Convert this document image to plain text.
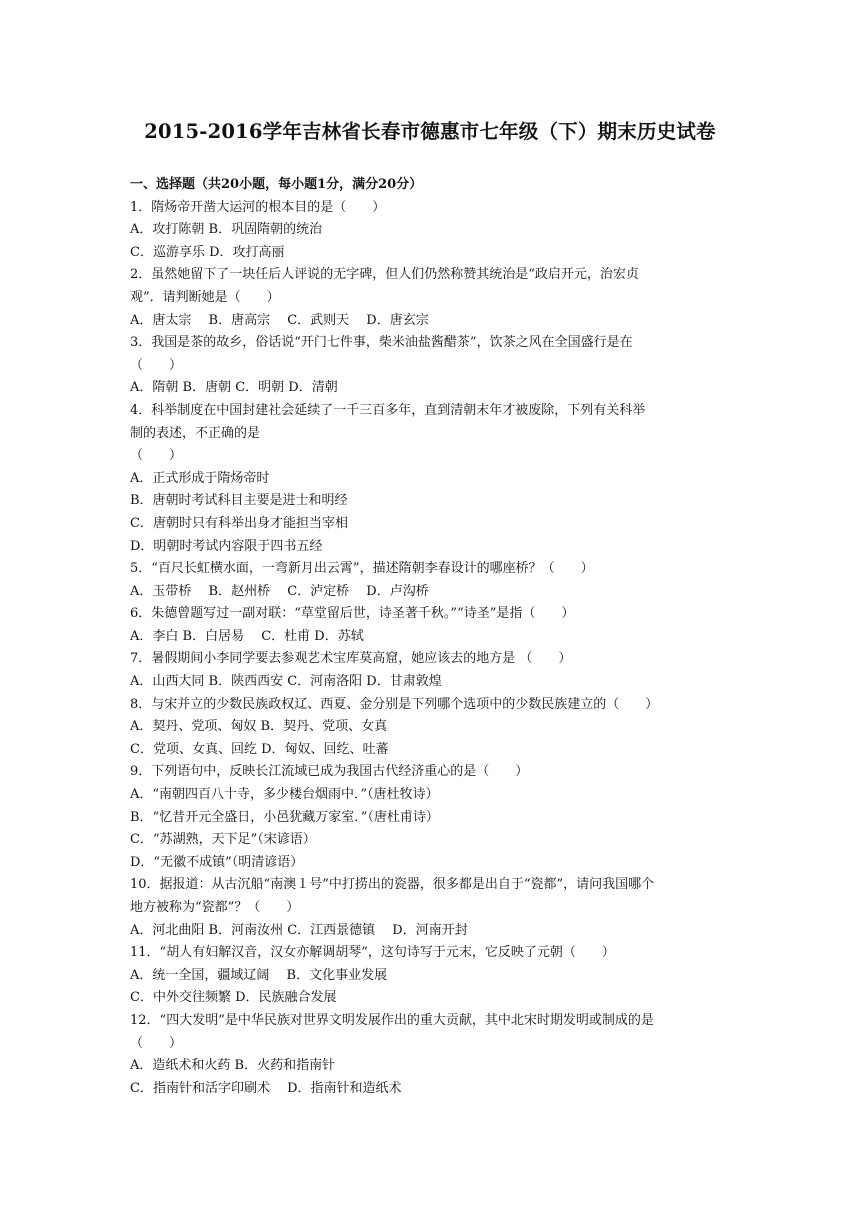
2015-2016学年吉林省长春市德惠市七年级（下）期末历史试卷
一、选择题（共20小题，每小题1分，满分20分）
1．隋炀帝开凿大运河的根本目的是（　　）
A．攻打陈朝 B．巩固隋朝的统治
C．巡游享乐 D．攻打高丽
2．虽然她留下了一块任后人评说的无字碑，但人们仍然称赞其统治是“政启开元，治宏贞
观”．请判断她是（　　）
A．唐太宗　 B．唐高宗　 C．武则天　 D．唐玄宗
3．我国是茶的故乡，俗话说“开门七件事，柴米油盐酱醋茶”，饮茶之风在全国盛行是在
（　　）
A．隋朝 B．唐朝 C．明朝 D．清朝
4．科举制度在中国封建社会延续了一千三百多年，直到清朝末年才被废除，下列有关科举
制的表述，不正确的是
（　　）
A．正式形成于隋炀帝时
B．唐朝时考试科目主要是进士和明经
C．唐朝时只有科举出身才能担当宰相
D．明朝时考试内容限于四书五经
5．“百尺长虹横水面，一弯新月出云霄”，描述隋朝李春设计的哪座桥？（　　）
A．玉带桥　 B．赵州桥　 C．泸定桥　 D．卢沟桥
6．朱德曾题写过一副对联：“草堂留后世，诗圣著千秋。”“诗圣”是指（　　）
A．李白 B．白居易　 C．杜甫 D．苏轼
7．暑假期间小李同学要去参观艺术宝库莫高窟，她应该去的地方是 （　　）
A．山西大同 B．陕西西安 C．河南洛阳 D．甘肃敦煌
8．与宋并立的少数民族政权辽、西夏、金分别是下列哪个选项中的少数民族建立的（　　）
A．契丹、党项、匈奴 B．契丹、党项、女真
C．党项、女真、回纥 D．匈奴、回纥、吐蕃
9．下列语句中，反映长江流域已成为我国古代经济重心的是（　　）
A．“南朝四百八十寺，多少楼台烟雨中．”（唐杜牧诗）
B．“忆昔开元全盛日，小邑犹藏万家室．”（唐杜甫诗）
C．“苏湖熟，天下足”（宋谚语）
D．“无徽不成镇”（明清谚语）
10．据报道：从古沉船“南澳１号”中打捞出的瓷器，很多都是出自于“瓷都”，请问我国哪个
地方被称为“瓷都”？（　　）
A．河北曲阳 B．河南汝州 C．江西景德镇　 D．河南开封
11．“胡人有妇解汉音，汉女亦解调胡琴”，这句诗写于元末，它反映了元朝（　　）
A．统一全国，疆域辽阔　 B．文化事业发展
C．中外交往频繁 D．民族融合发展
12．“四大发明”是中华民族对世界文明发展作出的重大贡献，其中北宋时期发明或制成的是
（　　）
A．造纸术和火药 B．火药和指南针
C．指南针和活字印刷术　 D．指南针和造纸术
